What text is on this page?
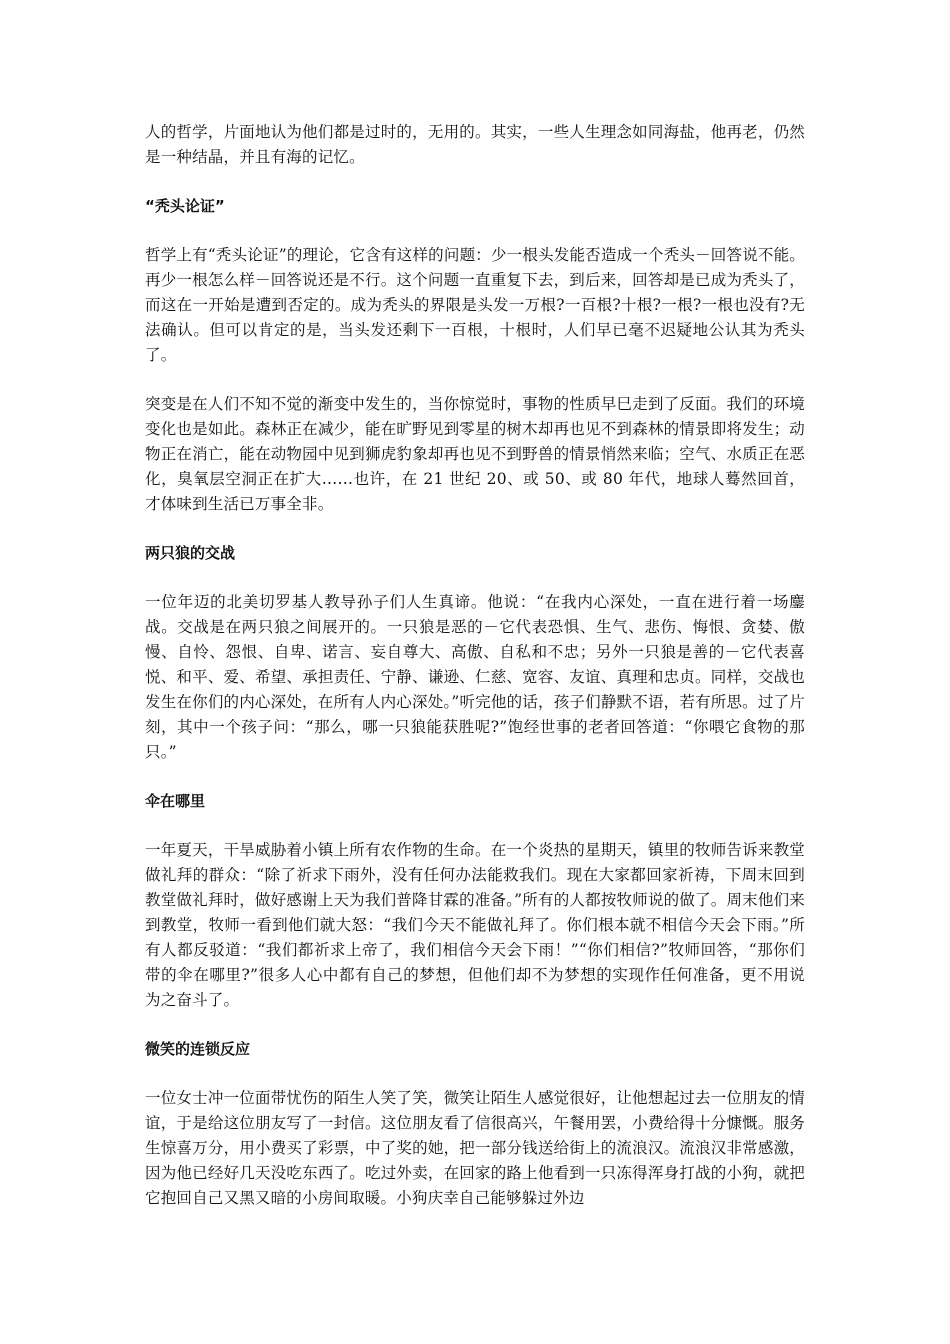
人的哲学，片面地认为他们都是过时的，无用的。其实，一些人生理念如同海盐，他再老，仍然是一种结晶，并且有海的记忆。

“秃头论证”

哲学上有“秃头论证”的理论，它含有这样的问题：少一根头发能否造成一个秃头－回答说不能。再少一根怎么样－回答说还是不行。这个问题一直重复下去，到后来，回答却是已成为秃头了，而这在一开始是遭到否定的。成为秃头的界限是头发一万根?一百根?十根?一根?一根也没有?无法确认。但可以肯定的是，当头发还剩下一百根，十根时，人们早已毫不迟疑地公认其为秃头了。

突变是在人们不知不觉的渐变中发生的，当你惊觉时，事物的性质早巳走到了反面。我们的环境变化也是如此。森林正在减少，能在旷野见到零星的树木却再也见不到森林的情景即将发生；动物正在消亡，能在动物园中见到狮虎豹象却再也见不到野兽的情景悄然来临；空气、水质正在恶化，臭氧层空洞正在扩大……也许，在 21 世纪 20、或 50、或 80 年代，地球人蓦然回首，才体味到生活已万事全非。

两只狼的交战

一位年迈的北美切罗基人教导孙子们人生真谛。他说：“在我内心深处，一直在进行着一场鏖战。交战是在两只狼之间展开的。一只狼是恶的－它代表恐惧、生气、悲伤、悔恨、贪婪、傲慢、自怜、怨恨、自卑、诺言、妄自尊大、高傲、自私和不忠；另外一只狼是善的－它代表喜悦、和平、爱、希望、承担责任、宁静、谦逊、仁慈、宽容、友谊、真理和忠贞。同样，交战也发生在你们的内心深处，在所有人内心深处。”听完他的话，孩子们静默不语，若有所思。过了片刻，其中一个孩子问：“那么，哪一只狼能获胜呢?”饱经世事的老者回答道：“你喂它食物的那只。”

伞在哪里

一年夏天，干旱威胁着小镇上所有农作物的生命。在一个炎热的星期天，镇里的牧师告诉来教堂做礼拜的群众：“除了祈求下雨外，没有任何办法能救我们。现在大家都回家祈祷，下周末回到教堂做礼拜时，做好感谢上天为我们普降甘霖的准备。”所有的人都按牧师说的做了。周末他们来到教堂，牧师一看到他们就大怒：“我们今天不能做礼拜了。你们根本就不相信今天会下雨。”所有人都反驳道：“我们都祈求上帝了，我们相信今天会下雨！”“你们相信?”牧师回答，“那你们带的伞在哪里?”很多人心中都有自己的梦想，但他们却不为梦想的实现作任何准备，更不用说为之奋斗了。

微笑的连锁反应

一位女士冲一位面带忧伤的陌生人笑了笑，微笑让陌生人感觉很好，让他想起过去一位朋友的情谊，于是给这位朋友写了一封信。这位朋友看了信很高兴，午餐用罢，小费给得十分慷慨。服务生惊喜万分，用小费买了彩票，中了奖的她，把一部分钱送给街上的流浪汉。流浪汉非常感激，因为他已经好几天没吃东西了。吃过外卖，在回家的路上他看到一只冻得浑身打战的小狗，就把它抱回自己又黑又暗的小房间取暖。小狗庆幸自己能够躲过外边
